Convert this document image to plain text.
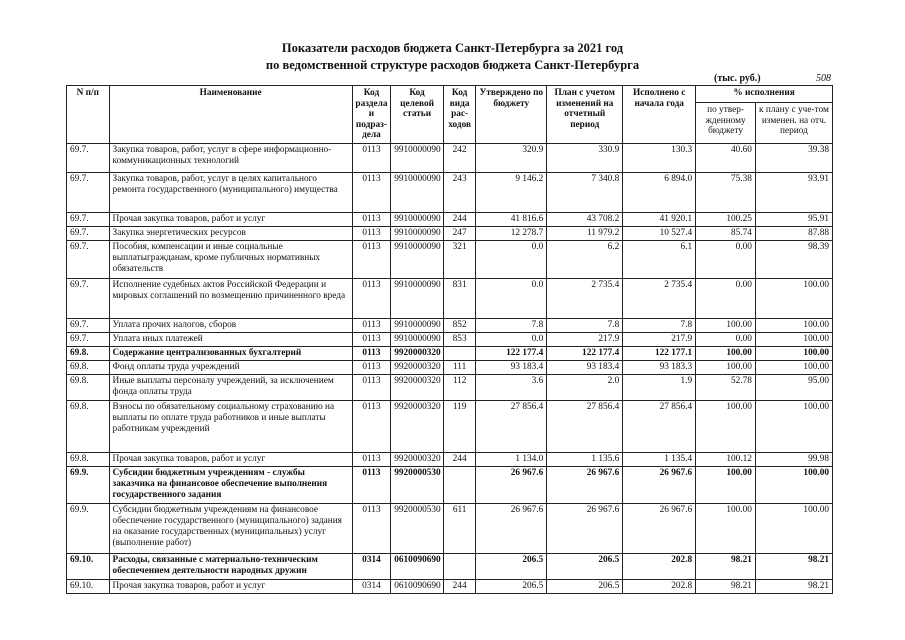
Показатели расходов бюджета Санкт-Петербурга за 2021 год
по ведомственной структуре расходов бюджета Санкт-Петербурга
(тыс. руб.)	508
N п/п	Наименование	Код раздела и подраз-дела	Код целевой статьи	Код вида рас-ходов	Утверждено по бюджету	План с учетом изменений на отчетный период	Исполнено с начала года	% исполнения	
								по утвер-жденному бюджету	к плану с уче-том изменен. на отч. период
69.7.	Закупка товаров, работ, услуг в сфере информационно-коммуникационных технологий	0113	9910000090	242	320.9	330.9	130.3	40.60	39.38
69.7.	Закупка товаров, работ, услуг в целях капитального ремонта государственного (муниципального) имущества	0113	9910000090	243	9 146.2	7 340.8	6 894.0	75.38	93.91
69.7.	Прочая закупка товаров, работ и услуг	0113	9910000090	244	41 816.6	43 708.2	41 920.1	100.25	95.91
69.7.	Закупка энергетических ресурсов	0113	9910000090	247	12 278.7	11 979.2	10 527.4	85.74	87.88
69.7.	Пособия, компенсации и иные социальные выплатыгражданам, кроме публичных нормативных обязательств	0113	9910000090	321	0.0	6.2	6.1	0.00	98.39
69.7.	Исполнение судебных актов Российской Федерации и мировых соглашений по возмещению причиненного вреда	0113	9910000090	831	0.0	2 735.4	2 735.4	0.00	100.00
69.7.	Уплата прочих налогов, сборов	0113	9910000090	852	7.8	7.8	7.8	100.00	100.00
69.7.	Уплата иных платежей	0113	9910000090	853	0.0	217.9	217.9	0.00	100.00
69.8.	Содержание централизованных бухгалтерий	0113	9920000320		122 177.4	122 177.4	122 177.1	100.00	100.00
69.8.	Фонд оплаты труда учреждений	0113	9920000320	111	93 183.4	93 183.4	93 183.3	100.00	100.00
69.8.	Иные выплаты персоналу учреждений, за исключением фонда оплаты труда	0113	9920000320	112	3.6	2.0	1.9	52.78	95.00
69.8.	Взносы по обязательному социальному страхованию на выплаты по оплате труда работников и иные выплаты работникам учреждений	0113	9920000320	119	27 856.4	27 856.4	27 856.4	100.00	100.00
69.8.	Прочая закупка товаров, работ и услуг	0113	9920000320	244	1 134.0	1 135.6	1 135.4	100.12	99.98
69.9.	Субсидии бюджетным учреждениям - службы заказчика на финансовое обеспечение выполнения государственного задания	0113	9920000530		26 967.6	26 967.6	26 967.6	100.00	100.00
69.9.	Субсидии бюджетным учреждениям на финансовое обеспечение государственного (муниципального) задания на оказание государственных (муниципальных) услуг (выполнение работ)	0113	9920000530	611	26 967.6	26 967.6	26 967.6	100.00	100.00
69.10.	Расходы, связанные с материально-техническим обеспечением деятельности народных дружин	0314	0610090690		206.5	206.5	202.8	98.21	98.21
69.10.	Прочая закупка товаров, работ и услуг	0314	0610090690	244	206.5	206.5	202.8	98.21	98.21
